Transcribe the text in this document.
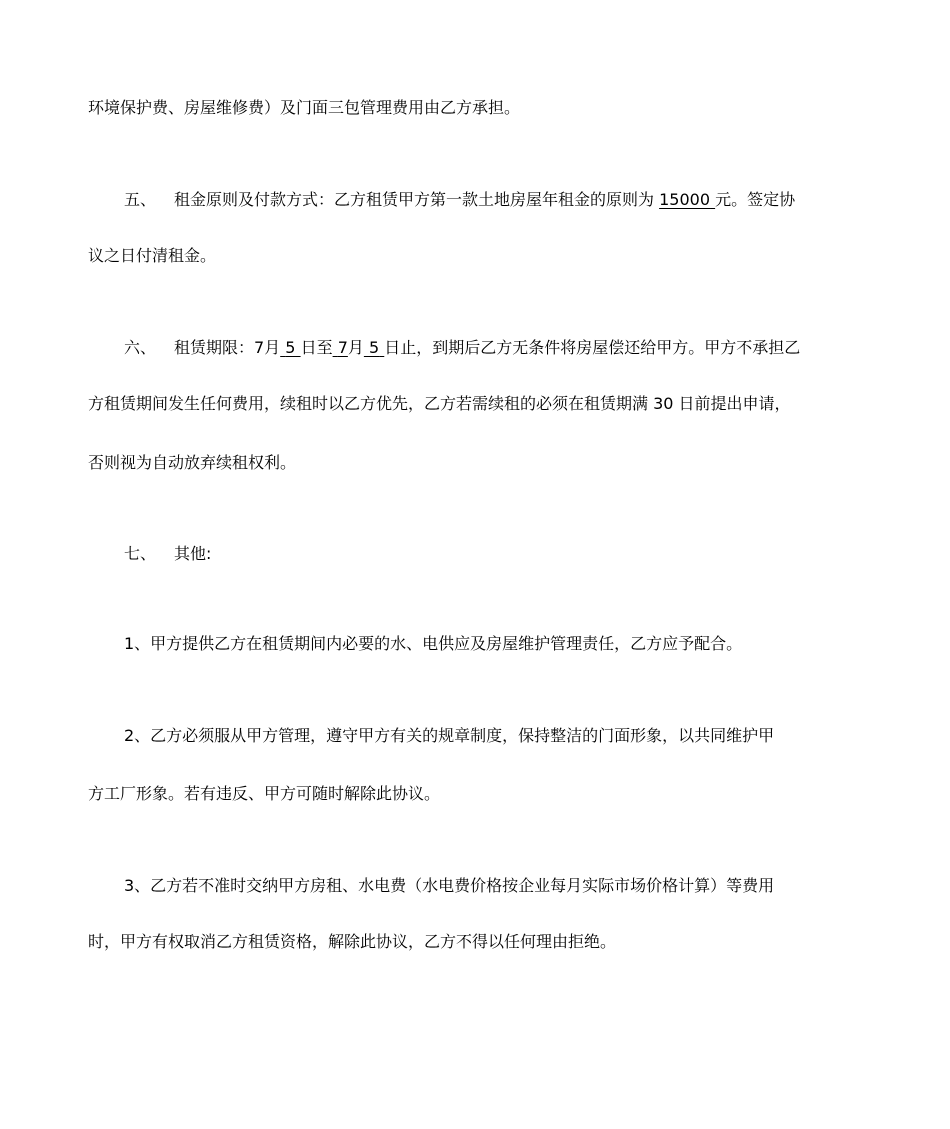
环境保护费、房屋维修费）及门面三包管理费用由乙方承担。
五、 租金原则及付款方式：乙方租赁甲方第一款土地房屋年租金的原则为 15000 元。签定协
议之日付清租金。
六、 租赁期限：7月 5 日至 7月 5 日止，到期后乙方无条件将房屋偿还给甲方。甲方不承担乙
方租赁期间发生任何费用，续租时以乙方优先，乙方若需续租的必须在租赁期满 30 日前提出申请，
否则视为自动放弃续租权利。
七、 其他:
1、甲方提供乙方在租赁期间内必要的水、电供应及房屋维护管理责任，乙方应予配合。
2、乙方必须服从甲方管理，遵守甲方有关的规章制度，保持整洁的门面形象，以共同维护甲
方工厂形象。若有违反、甲方可随时解除此协议。
3、乙方若不准时交纳甲方房租、水电费（水电费价格按企业每月实际市场价格计算）等费用
时，甲方有权取消乙方租赁资格，解除此协议，乙方不得以任何理由拒绝。
